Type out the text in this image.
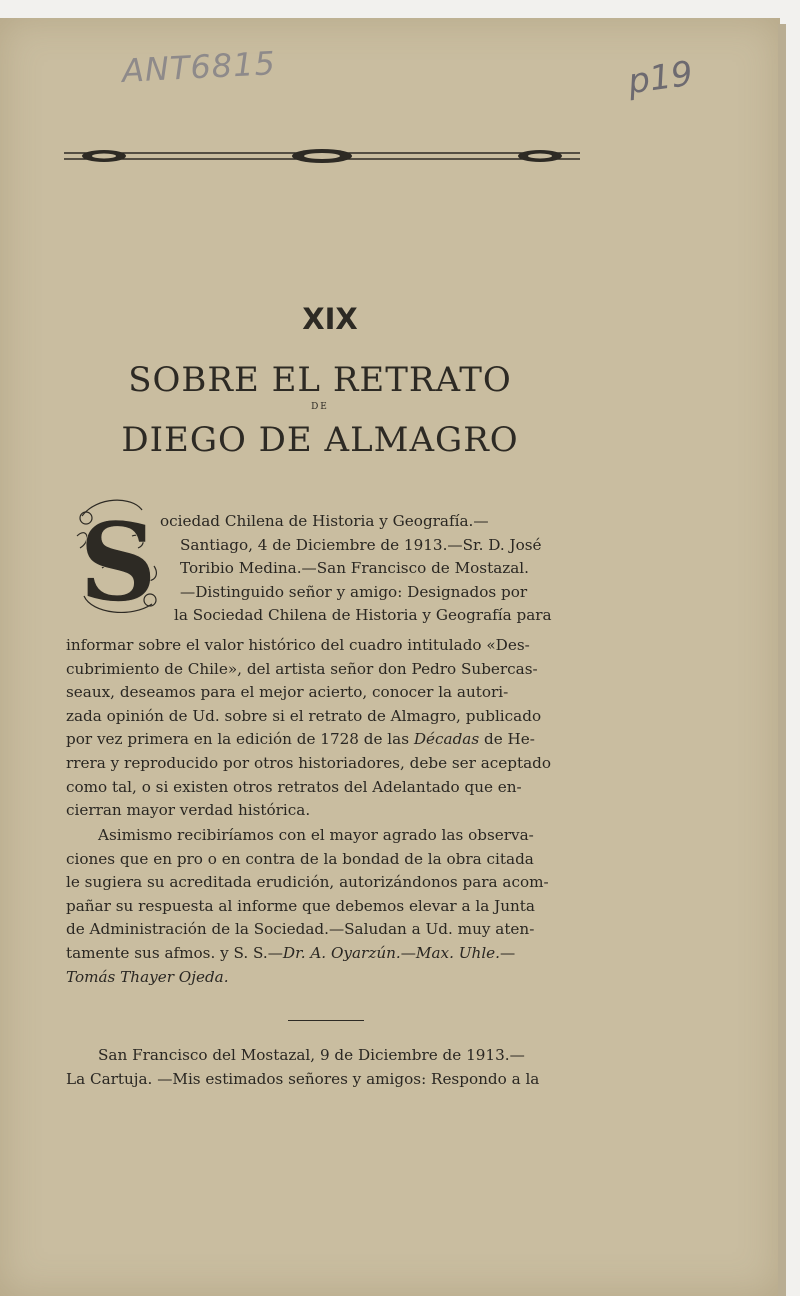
ANT6815	p19
XIX
SOBRE EL RETRATO
DE
DIEGO DE ALMAGRO
S ociedad Chilena de Historia y Geografía.—
Santiago, 4 de Diciembre de 1913.—Sr. D. José
Toribio Medina.—San Francisco de Mostazal.
—Distinguido señor y amigo: Designados por
la Sociedad Chilena de Historia y Geografía para
informar sobre el valor histórico del cuadro intitulado «Des-
cubrimiento de Chile», del artista señor don Pedro Subercas-
seaux, deseamos para el mejor acierto, conocer la autori-
zada opinión de Ud. sobre si el retrato de Almagro, publicado
por vez primera en la edición de 1728 de las Décadas de He-
rrera y reproducido por otros historiadores, debe ser aceptado
como tal, o si existen otros retratos del Adelantado que en-
cierran mayor verdad histórica.
Asimismo recibiríamos con el mayor agrado las observa-
ciones que en pro o en contra de la bondad de la obra citada
le sugiera su acreditada erudición, autorizándonos para acom-
pañar su respuesta al informe que debemos elevar a la Junta
de Administración de la Sociedad.—Saludan a Ud. muy aten-
tamente sus afmos. y S. S.—Dr. A. Oyarzún.—Max. Uhle.—
Tomás Thayer Ojeda.
San Francisco del Mostazal, 9 de Diciembre de 1913.—
La Cartuja. —Mis estimados señores y amigos: Respondo a la
